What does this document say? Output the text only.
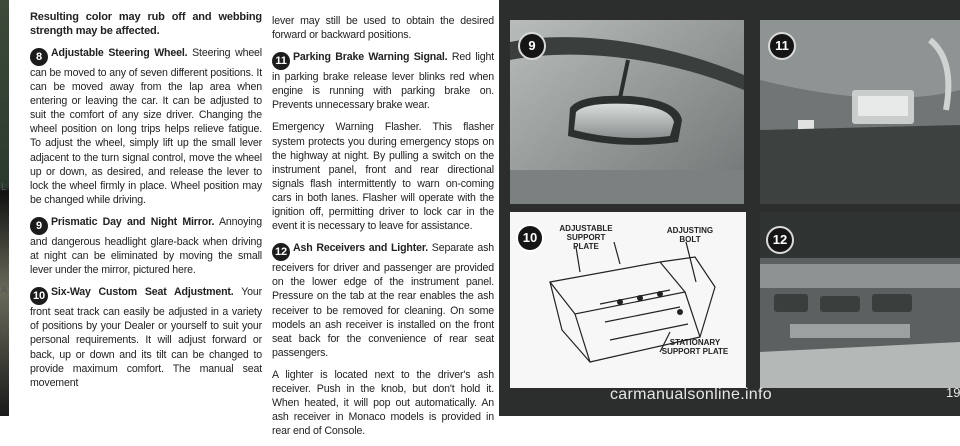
L
A
L

Resulting color may rub off and webbing strength may be affected.

8 Adjustable Steering Wheel. Steering wheel can be moved to any of seven different positions. It can be moved away from the lap area when entering or leaving the car. It can be adjusted to suit the comfort of any size driver. Changing the wheel position on long trips helps relieve fatigue. To adjust the wheel, simply lift up the small lever adjacent to the turn signal control, move the wheel up or down, as desired, and release the lever to lock the wheel firmly in place. Wheel position may be changed while driving.

9 Prismatic Day and Night Mirror. Annoying and dangerous headlight glare-back when driving at night can be eliminated by moving the small lever under the mirror, pictured here.

10 Six-Way Custom Seat Adjustment. Your front seat track can easily be adjusted in a variety of positions by your Dealer or yourself to suit your personal requirements. It will adjust forward or back, up or down and its tilt can be changed to provide maximum comfort. The manual seat movement

lever may still be used to obtain the desired forward or backward positions.

11 Parking Brake Warning Signal. Red light in parking brake release lever blinks red when engine is running with parking brake on. Prevents unnecessary brake wear.

Emergency Warning Flasher. This flasher system protects you during emergency stops on the highway at night. By pulling a switch on the instrument panel, front and rear directional signals flash intermittently to warn on-coming cars in both lanes. Flasher will operate with the ignition off, permitting driver to lock car in the event it is necessary to leave for assistance.

12 Ash Receivers and Lighter. Separate ash receivers for driver and passenger are provided on the lower edge of the instrument panel. Pressure on the tab at the rear enables the ash receiver to be removed for cleaning. On some models an ash receiver is installed on the front seat back for the convenience of rear seat passengers.

A lighter is located next to the driver's ash receiver. Push in the knob, but don't hold it. When heated, it will pop out automatically. An ash receiver in Monaco models is provided in rear end of Console.

9	11
10
ADJUSTABLE SUPPORT PLATE
ADJUSTING BOLT
STATIONARY SUPPORT PLATE
12
carmanualsonline.info	19
